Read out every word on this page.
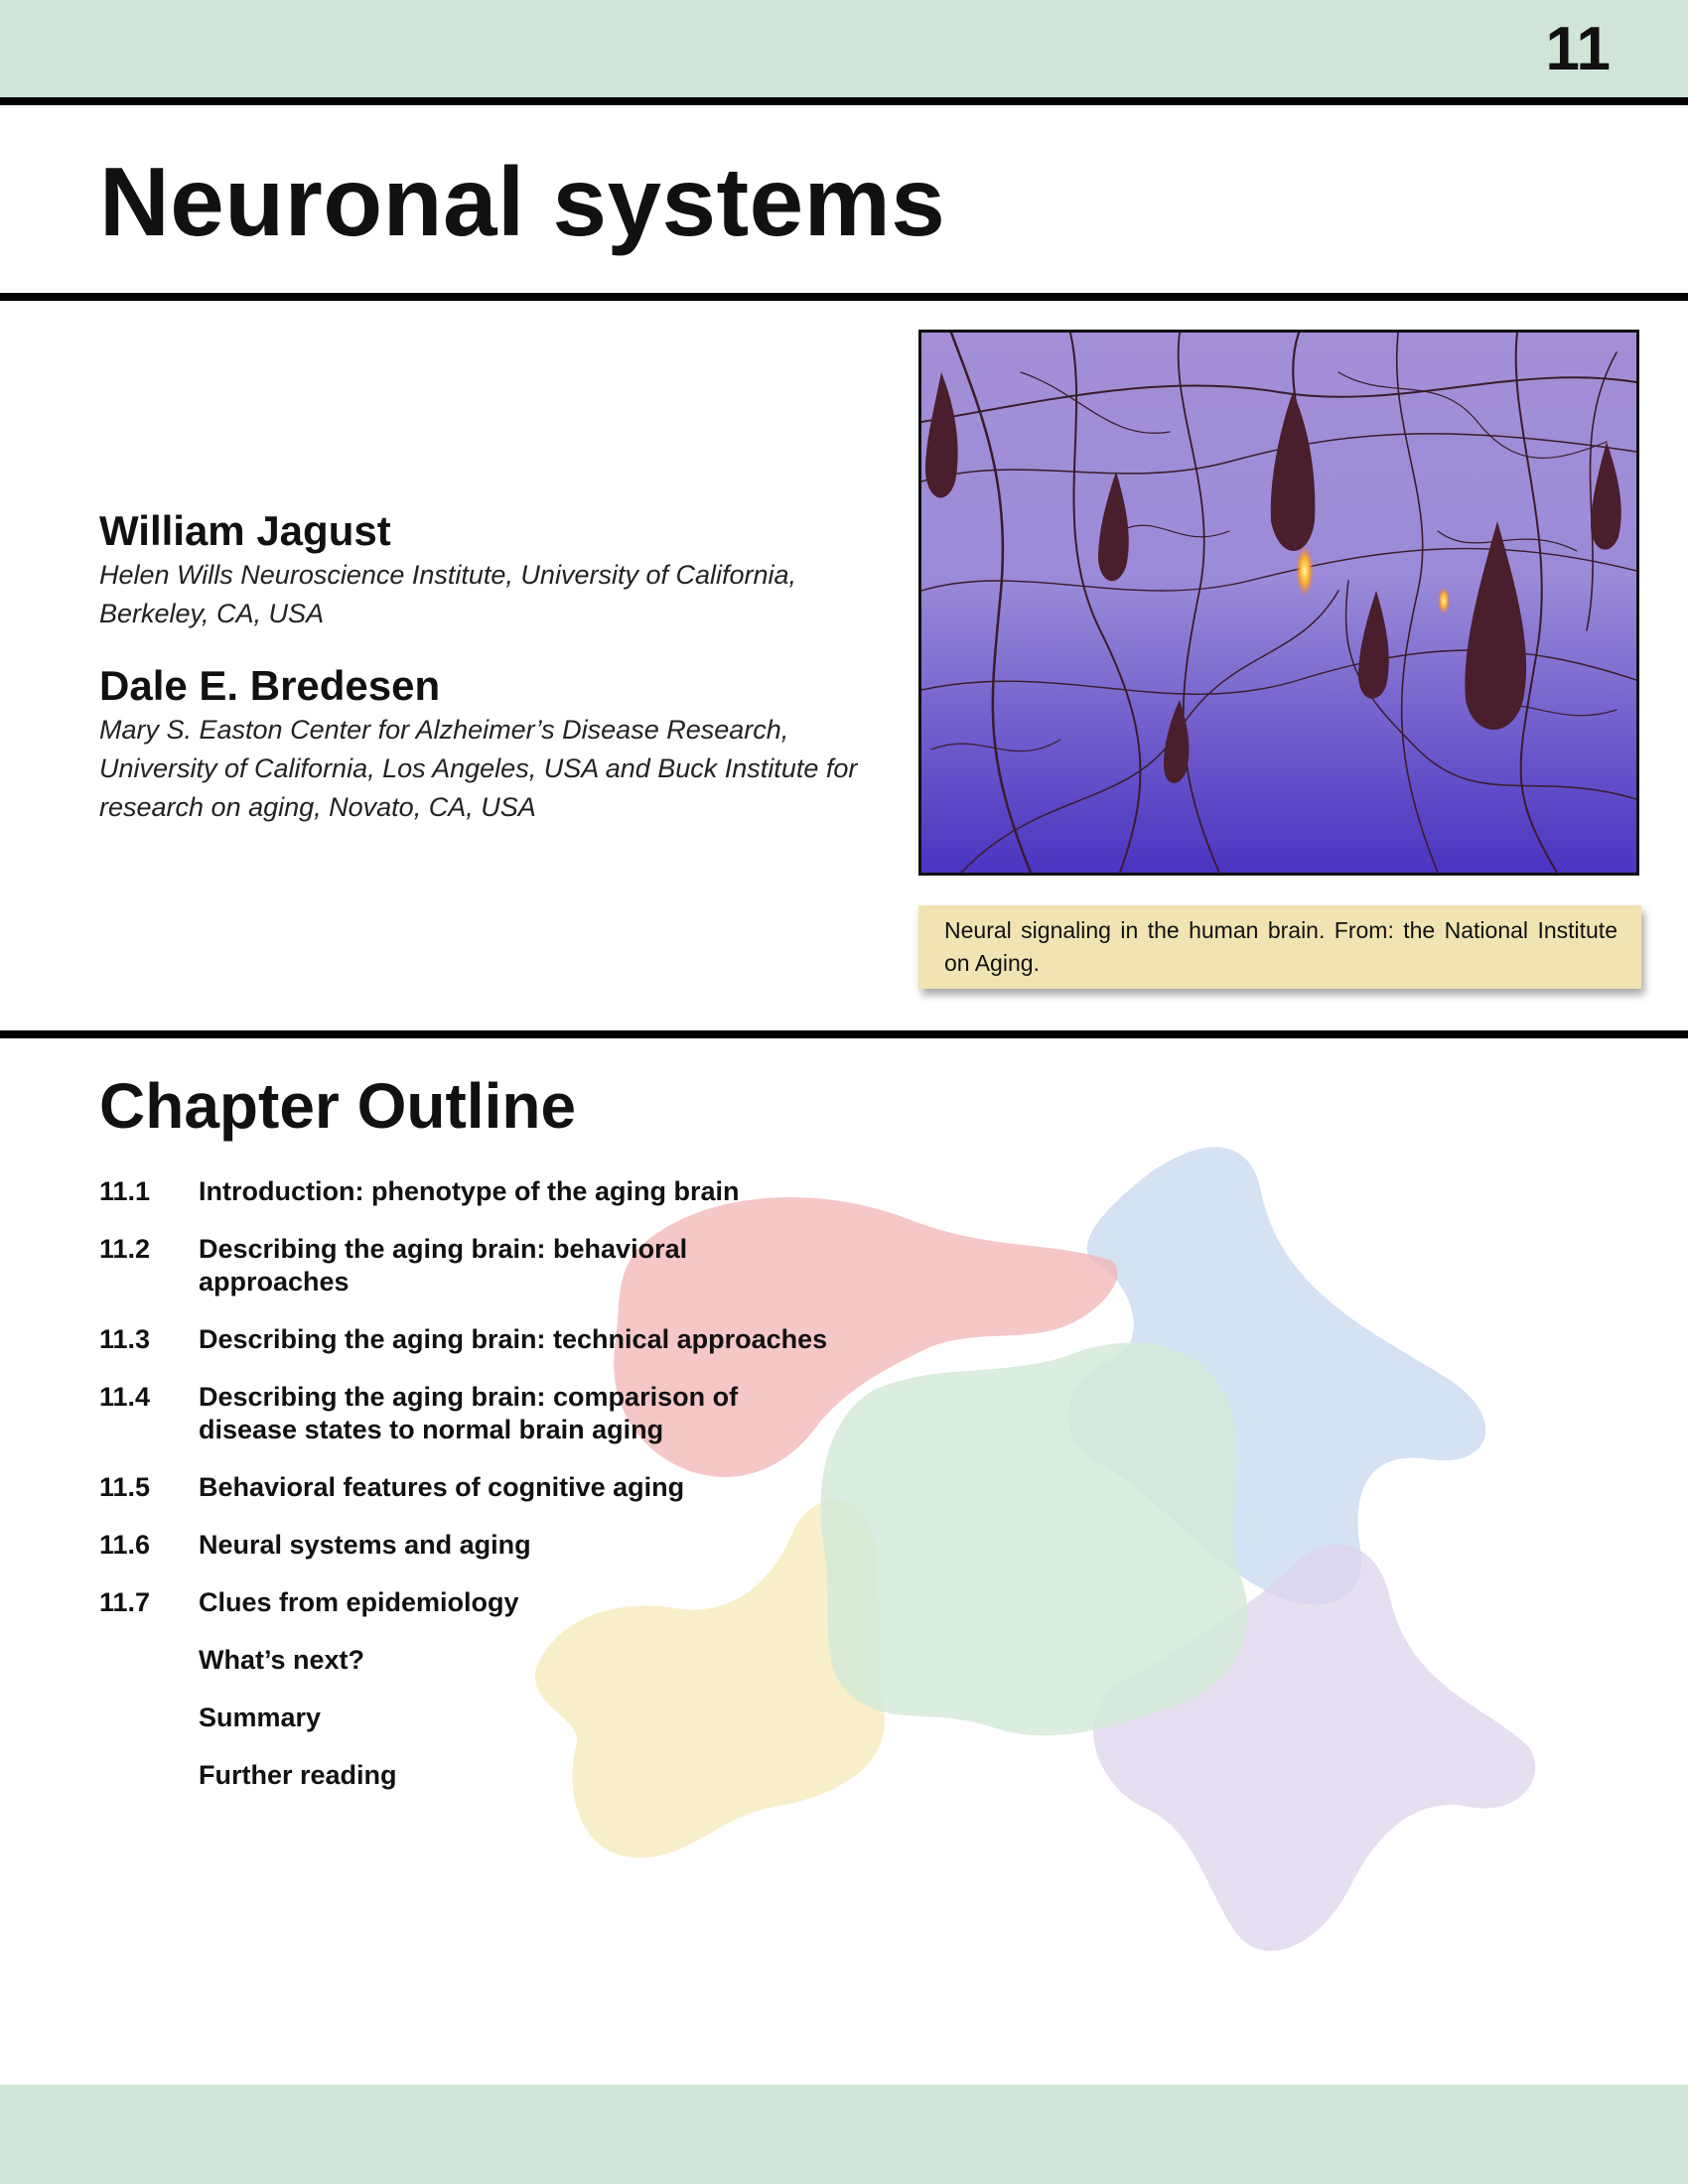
11
Neuronal systems
William Jagust

Helen Wills Neuroscience Institute, University of California, Berkeley, CA, USA

Dale E. Bredesen

Mary S. Easton Center for Alzheimer’s Disease Research, University of California, Los Angeles, USA and Buck Institute for research on aging, Novato, CA, USA

Neural signaling in the human brain. From: the National Institute on Aging.
Chapter Outline
11.1	Introduction: phenotype of the aging brain
11.2	Describing the aging brain: behavioral approaches
11.3	Describing the aging brain: technical approaches
11.4	Describing the aging brain: comparison of disease states to normal brain aging
11.5	Behavioral features of cognitive aging
11.6	Neural systems and aging
11.7	Clues from epidemiology
What’s next?
Summary
Further reading
